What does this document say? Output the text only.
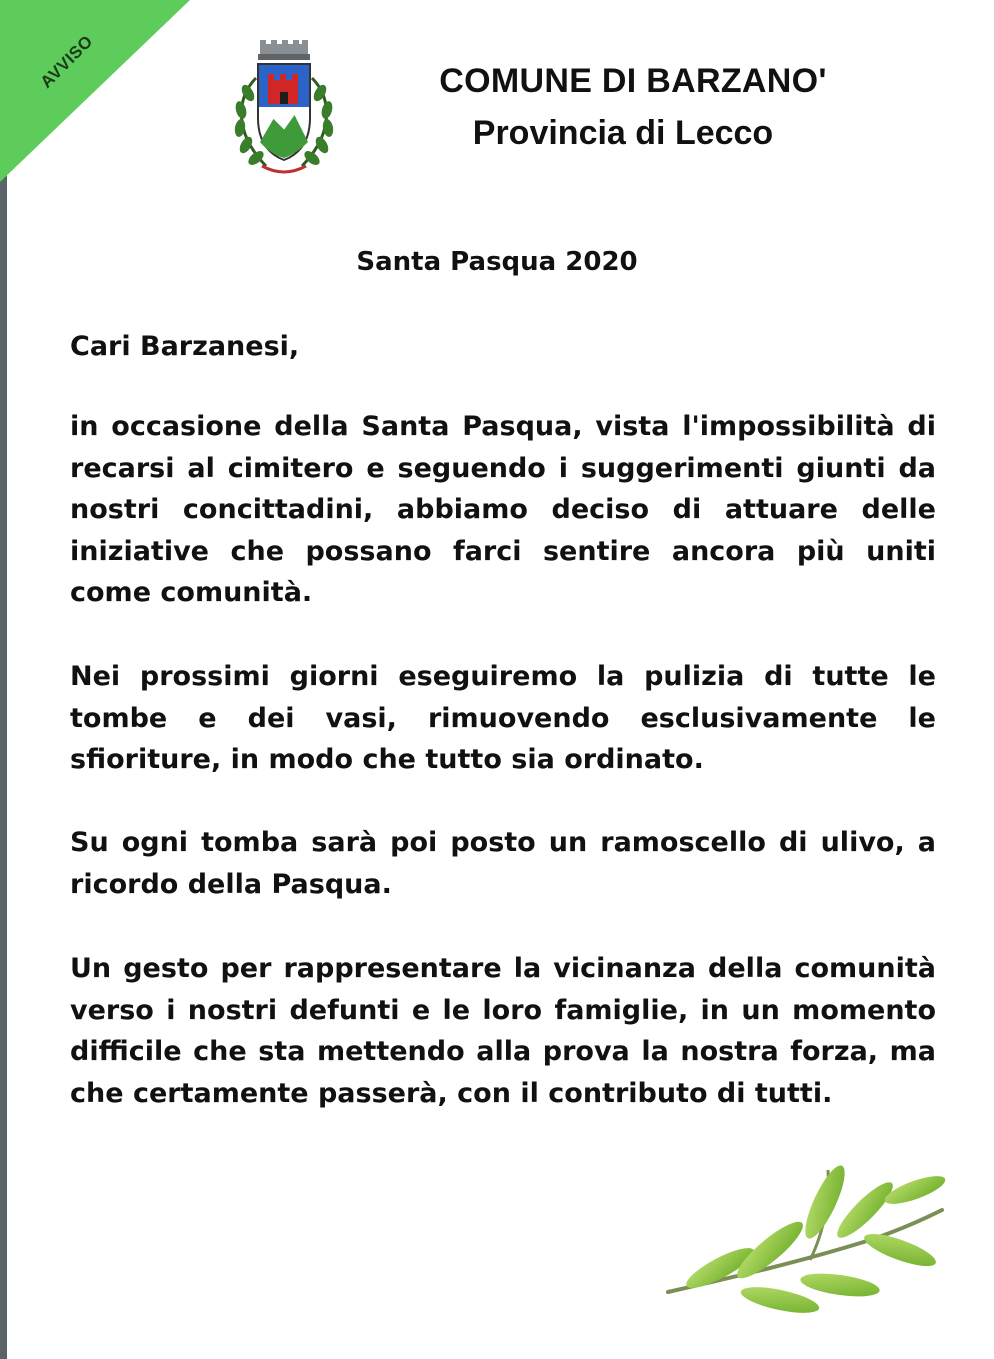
AVVISO	COMUNE DI BARZANO'
Provincia di Lecco
Santa Pasqua 2020
Cari Barzanesi,
in occasione della Santa Pasqua, vista l'impossibilità di recarsi al cimitero e seguendo i suggerimenti giunti da nostri concittadini, abbiamo deciso di attuare delle iniziative che possano farci sentire ancora più uniti come comunità.
Nei prossimi giorni eseguiremo la pulizia di tutte le tombe e dei vasi, rimuovendo esclusivamente le sfioriture, in modo che tutto sia ordinato.
Su ogni tomba sarà poi posto un ramoscello di ulivo, a ricordo della Pasqua.
Un gesto per rappresentare la vicinanza della comunità verso i nostri defunti e le loro famiglie, in un momento difficile che sta mettendo alla prova la nostra forza, ma che certamente passerà, con il contributo di tutti.
